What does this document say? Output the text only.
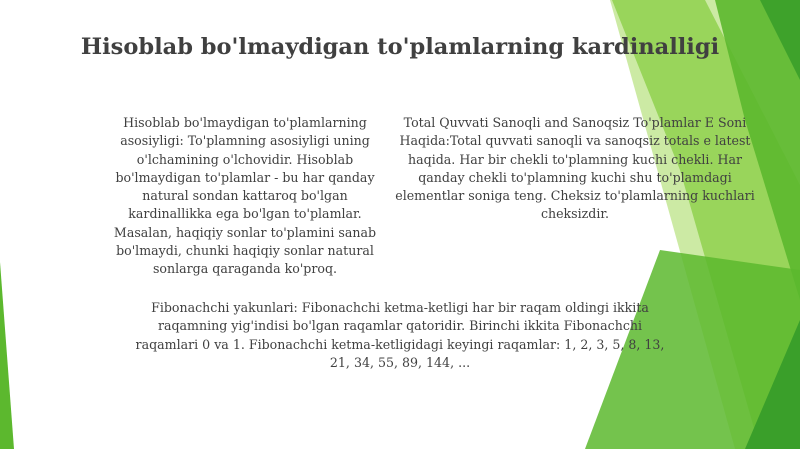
Hisoblab bo'lmaydigan to'plamlarning kardinalligi

Hisoblab bo'lmaydigan to'plamlarning asosiyligi: To'plamning asosiyligi uning o'lchamining o'lchovidir. Hisoblab bo'lmaydigan to'plamlar - bu har qanday natural sondan kattaroq bo'lgan kardinallikka ega bo'lgan to'plamlar. Masalan, haqiqiy sonlar to'plamini sanab bo'lmaydi, chunki haqiqiy sonlar natural sonlarga qaraganda ko'proq.

Total Quvvati Sanoqli and Sanoqsiz To'plamlar E Soni Haqida:Total quvvati sanoqli va sanoqsiz totals e latest haqida. Har bir chekli to'plamning kuchi chekli. Har qanday chekli to'plamning kuchi shu to'plamdagi elementlar soniga teng. Cheksiz to'plamlarning kuchlari cheksizdir.

Fibonachchi yakunlari: Fibonachchi ketma-ketligi har bir raqam oldingi ikkita raqamning yig'indisi bo'lgan raqamlar qatoridir. Birinchi ikkita Fibonachchi raqamlari 0 va 1. Fibonachchi ketma-ketligidagi keyingi raqamlar: 1, 2, 3, 5, 8, 13, 21, 34, 55, 89, 144, ...
